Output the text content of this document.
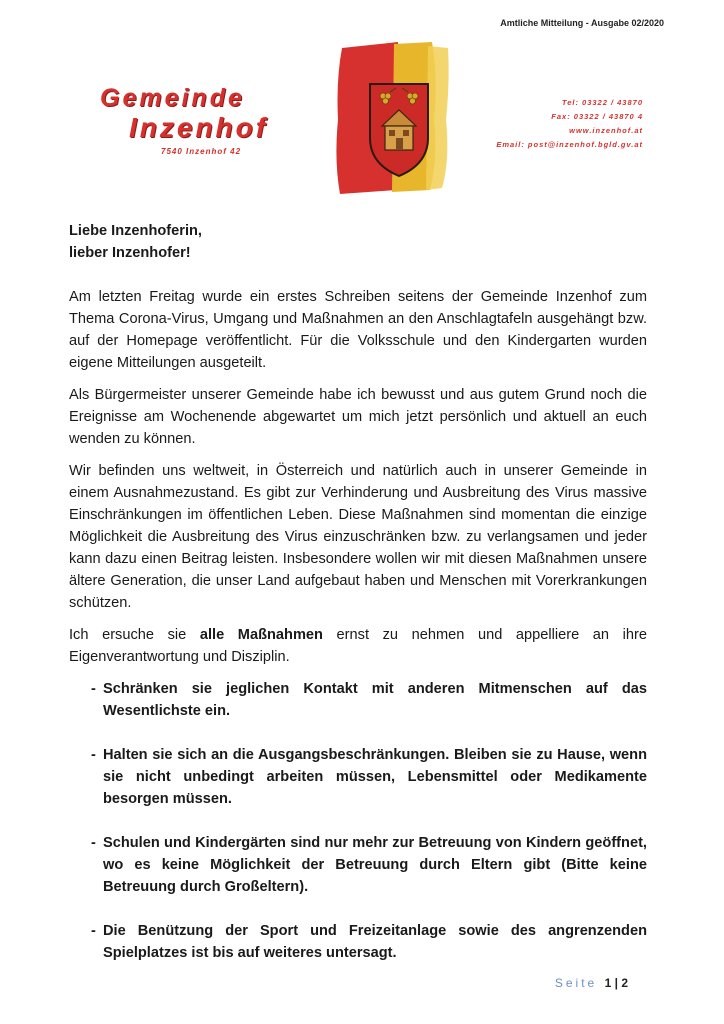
Amtliche Mitteilung - Ausgabe 02/2020
Gemeinde
Inzenhof
7540 Inzenhof 42
Tel: 03322 / 43870
Fax: 03322 / 43870 4
www.inzenhof.at
Email: post@inzenhof.bgld.gv.at
Liebe Inzenhoferin,
lieber Inzenhofer!

Am letzten Freitag wurde ein erstes Schreiben seitens der Gemeinde Inzenhof zum Thema Corona-Virus, Umgang und Maßnahmen an den Anschlagtafeln ausgehängt bzw. auf der Homepage veröffentlicht. Für die Volksschule und den Kindergarten wurden eigene Mitteilungen ausgeteilt.

Als Bürgermeister unserer Gemeinde habe ich bewusst und aus gutem Grund noch die Ereignisse am Wochenende abgewartet um mich jetzt persönlich und aktuell an euch wenden zu können.

Wir befinden uns weltweit, in Österreich und natürlich auch in unserer Gemeinde in einem Ausnahmezustand. Es gibt zur Verhinderung und Ausbreitung des Virus massive Einschränkungen im öffentlichen Leben. Diese Maßnahmen sind momentan die einzige Möglichkeit die Ausbreitung des Virus einzuschränken bzw. zu verlangsamen und jeder kann dazu einen Beitrag leisten. Insbesondere wollen wir mit diesen Maßnahmen unsere ältere Generation, die unser Land aufgebaut haben und Menschen mit Vorerkrankungen schützen.

Ich ersuche sie alle Maßnahmen ernst zu nehmen und appelliere an ihre Eigenverantwortung und Disziplin.

- Schränken sie jeglichen Kontakt mit anderen Mitmenschen auf das Wesentlichste ein.
- Halten sie sich an die Ausgangsbeschränkungen. Bleiben sie zu Hause, wenn sie nicht unbedingt arbeiten müssen, Lebensmittel oder Medikamente besorgen müssen.
- Schulen und Kindergärten sind nur mehr zur Betreuung von Kindern geöffnet, wo es keine Möglichkeit der Betreuung durch Eltern gibt (Bitte keine Betreuung durch Großeltern).
- Die Benützung der Sport und Freizeitanlage sowie des angrenzenden Spielplatzes ist bis auf weiteres untersagt.
Seite 1 | 2
